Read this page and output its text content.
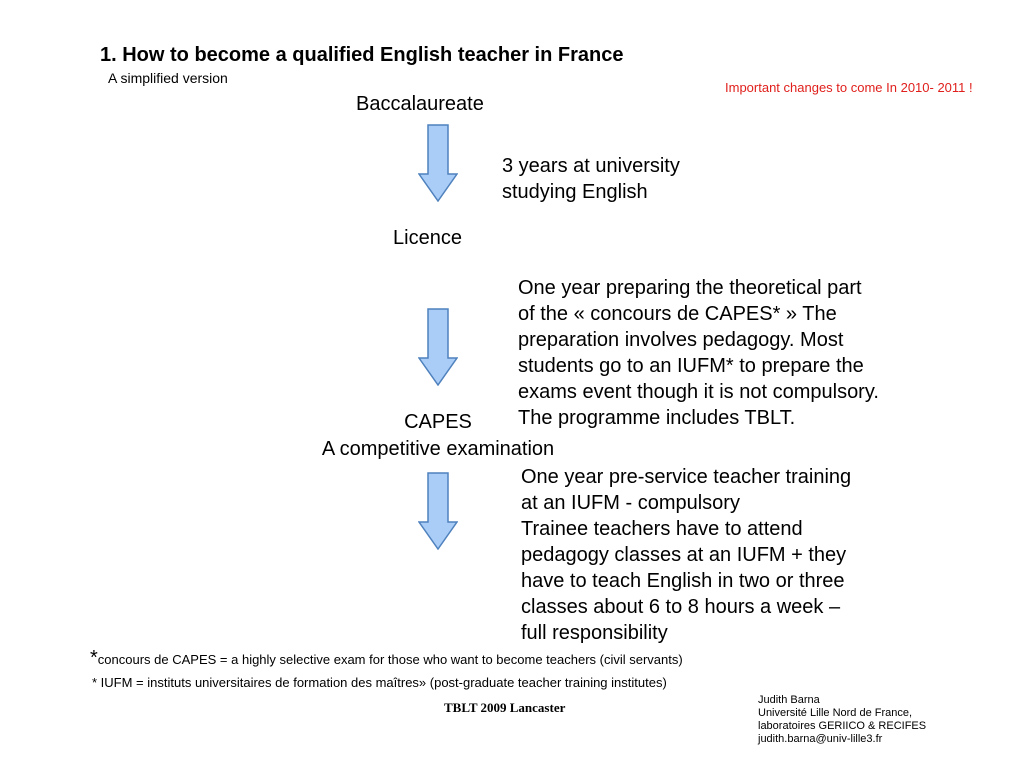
1. How to become a qualified English teacher in France
A simplified version
Important changes to come In 2010- 2011 !
Baccalaureate
Licence
CAPES
A competitive examination
3 years at university
studying English
One year preparing the theoretical part
of the « concours de CAPES* » The
preparation involves pedagogy. Most
students go to an IUFM* to prepare the
exams event though it is not compulsory.
The programme includes TBLT.
One year pre-service teacher training
at an IUFM - compulsory
Trainee teachers have to attend
pedagogy classes at an IUFM + they
have to teach English in two or three
classes about 6 to 8 hours a week –
full responsibility
*concours de CAPES = a highly selective exam for those who want to become teachers (civil servants)
* IUFM = instituts universitaires de formation des maîtres» (post-graduate teacher training institutes)
TBLT 2009 Lancaster	Judith Barna
Université Lille Nord de France,
laboratoires GERIICO & RECIFES
judith.barna@univ-lille3.fr
